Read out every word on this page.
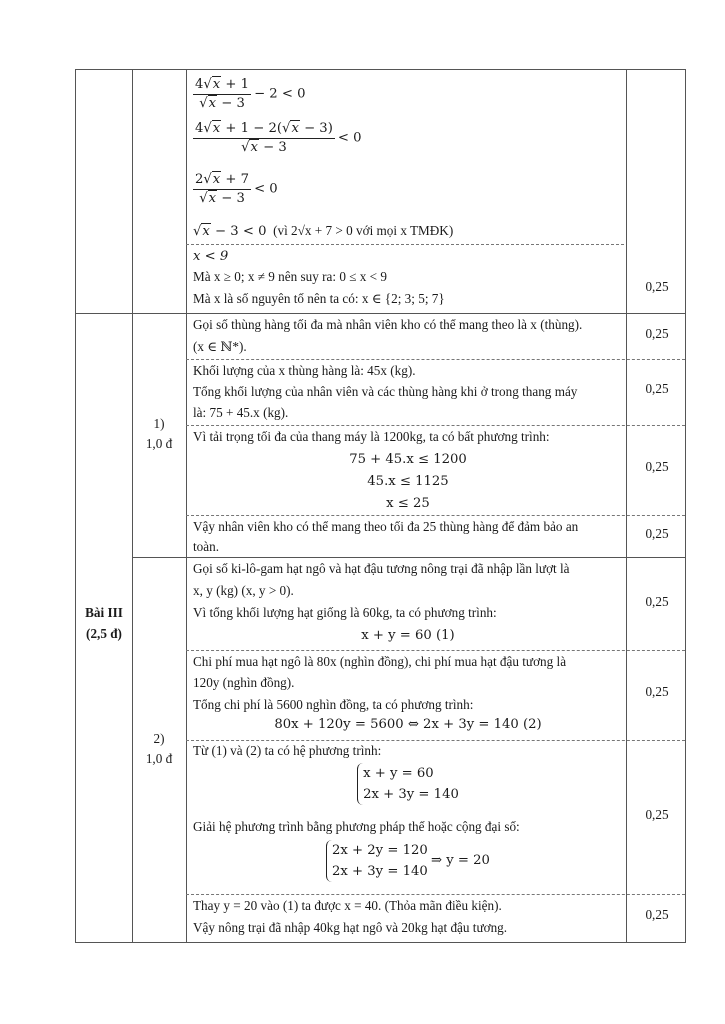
$\frac{4√x + 1}{√x - 3} - 2 < 0$
$\frac{4√x + 1 - 2(√x - 3)}{√x - 3} < 0$
$\frac{2√x + 7}{√x - 3} < 0$
√x − 3 < 0 (vì 2√x + 7 > 0 với mọi x TMĐK)
x < 9
Mà x ≥ 0; x ≠ 9 nên suy ra: 0 ≤ x < 9
Mà x là số nguyên tố nên ta có: x ∈ {2; 3; 5; 7}
0,25
Bài III
(2,5 đ)
1)
1,0 đ
Gọi số thùng hàng tối đa mà nhân viên kho có thể mang theo là x (thùng).
(x ∈ ℕ*).
Khối lượng của x thùng hàng là: 45x (kg).
Tổng khối lượng của nhân viên và các thùng hàng khi ở trong thang máy
là: 75 + 45.x (kg).
Vì tải trọng tối đa của thang máy là 1200kg, ta có bất phương trình:
75 + 45.x ≤ 1200
45.x ≤ 1125
x ≤ 25
Vậy nhân viên kho có thể mang theo tối đa 25 thùng hàng để đảm bảo an
toàn.
0,25
0,25
0,25
0,25
2)
1,0 đ
Gọi số ki-lô-gam hạt ngô và hạt đậu tương nông trại đã nhập lần lượt là
x, y (kg) (x, y > 0).
Vì tổng khối lượng hạt giống là 60kg, ta có phương trình:
x + y = 60 (1)
Chi phí mua hạt ngô là 80x (nghìn đồng), chi phí mua hạt đậu tương là
120y (nghìn đồng).
Tổng chi phí là 5600 nghìn đồng, ta có phương trình:
80x + 120y = 5600 ⇔ 2x + 3y = 140 (2)
Từ (1) và (2) ta có hệ phương trình:
x + y = 60
2x + 3y = 140
Giải hệ phương trình bằng phương pháp thế hoặc cộng đại số:
2x + 2y = 120
2x + 3y = 140
⇒ y = 20
Thay y = 20 vào (1) ta được x = 40. (Thỏa mãn điều kiện).
Vậy nông trại đã nhập 40kg hạt ngô và 20kg hạt đậu tương.
0,25
0,25
0,25
0,25
